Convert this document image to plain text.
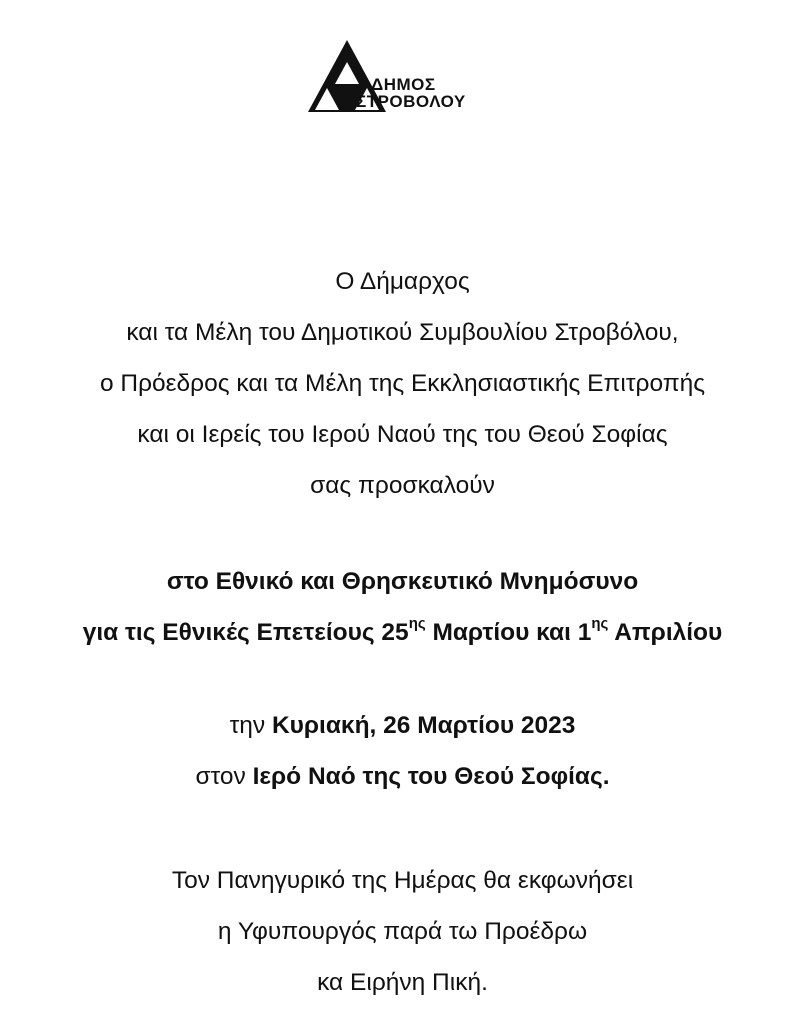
ΔΗΜΟΣ
ΣΤΡΟΒΟΛΟΥ
Ο Δήμαρχος
και τα Μέλη του Δημοτικού Συμβουλίου Στροβόλου,
ο Πρόεδρος και τα Μέλη της Εκκλησιαστικής Επιτροπής
και οι Ιερείς του Ιερού Ναού της του Θεού Σοφίας
σας προσκαλούν
στο Εθνικό και Θρησκευτικό Μνημόσυνο
για τις Εθνικές Επετείους $25^{\eta\varsigma}$ Μαρτίου και $1^{\eta\varsigma}$ Απριλίου
την Κυριακή, 26 Μαρτίου 2023
στον Ιερό Ναό της του Θεού Σοφίας.
Τον Πανηγυρικό της Ημέρας θα εκφωνήσει
η Υφυπουργός παρά τω Προέδρω
κα Ειρήνη Πική.
